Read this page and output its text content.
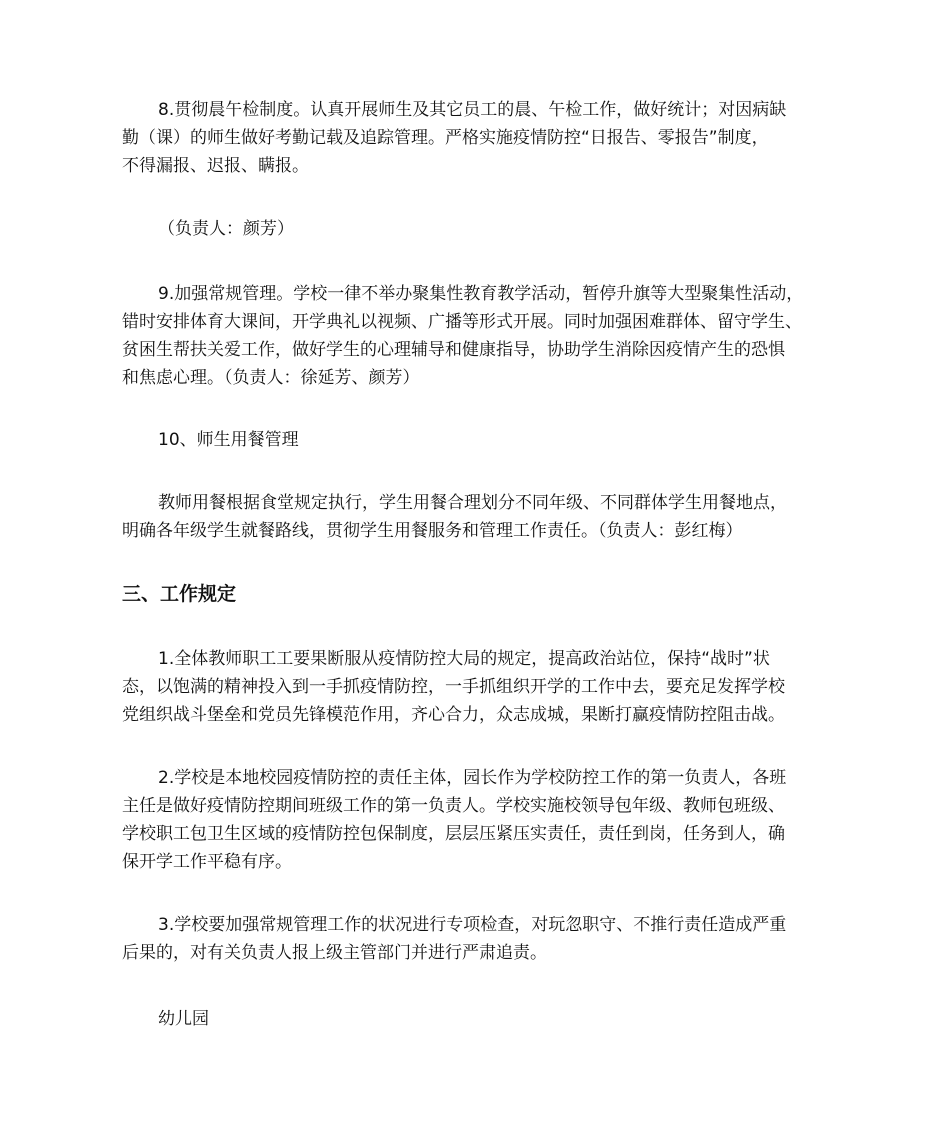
8.贯彻晨午检制度。认真开展师生及其它员工的晨、午检工作，做好统计；对因病缺
勤（课）的师生做好考勤记载及追踪管理。严格实施疫情防控“日报告、零报告”制度，
不得漏报、迟报、瞒报。
（负责人：颜芳）
9.加强常规管理。学校一律不举办聚集性教育教学活动，暂停升旗等大型聚集性活动，
错时安排体育大课间，开学典礼以视频、广播等形式开展。同时加强困难群体、留守学生、
贫困生帮扶关爱工作，做好学生的心理辅导和健康指导，协助学生消除因疫情产生的恐惧
和焦虑心理。（负责人：徐延芳、颜芳）
10、师生用餐管理
教师用餐根据食堂规定执行，学生用餐合理划分不同年级、不同群体学生用餐地点，
明确各年级学生就餐路线，贯彻学生用餐服务和管理工作责任。（负责人：彭红梅）
三、工作规定
1.全体教师职工工要果断服从疫情防控大局的规定，提高政治站位，保持“战时”状
态，以饱满的精神投入到一手抓疫情防控，一手抓组织开学的工作中去，要充足发挥学校
党组织战斗堡垒和党员先锋模范作用，齐心合力，众志成城，果断打赢疫情防控阻击战。
2.学校是本地校园疫情防控的责任主体，园长作为学校防控工作的第一负责人，各班
主任是做好疫情防控期间班级工作的第一负责人。学校实施校领导包年级、教师包班级、
学校职工包卫生区域的疫情防控包保制度，层层压紧压实责任，责任到岗，任务到人，确
保开学工作平稳有序。
3.学校要加强常规管理工作的状况进行专项检查，对玩忽职守、不推行责任造成严重
后果的，对有关负责人报上级主管部门并进行严肃追责。
幼儿园
